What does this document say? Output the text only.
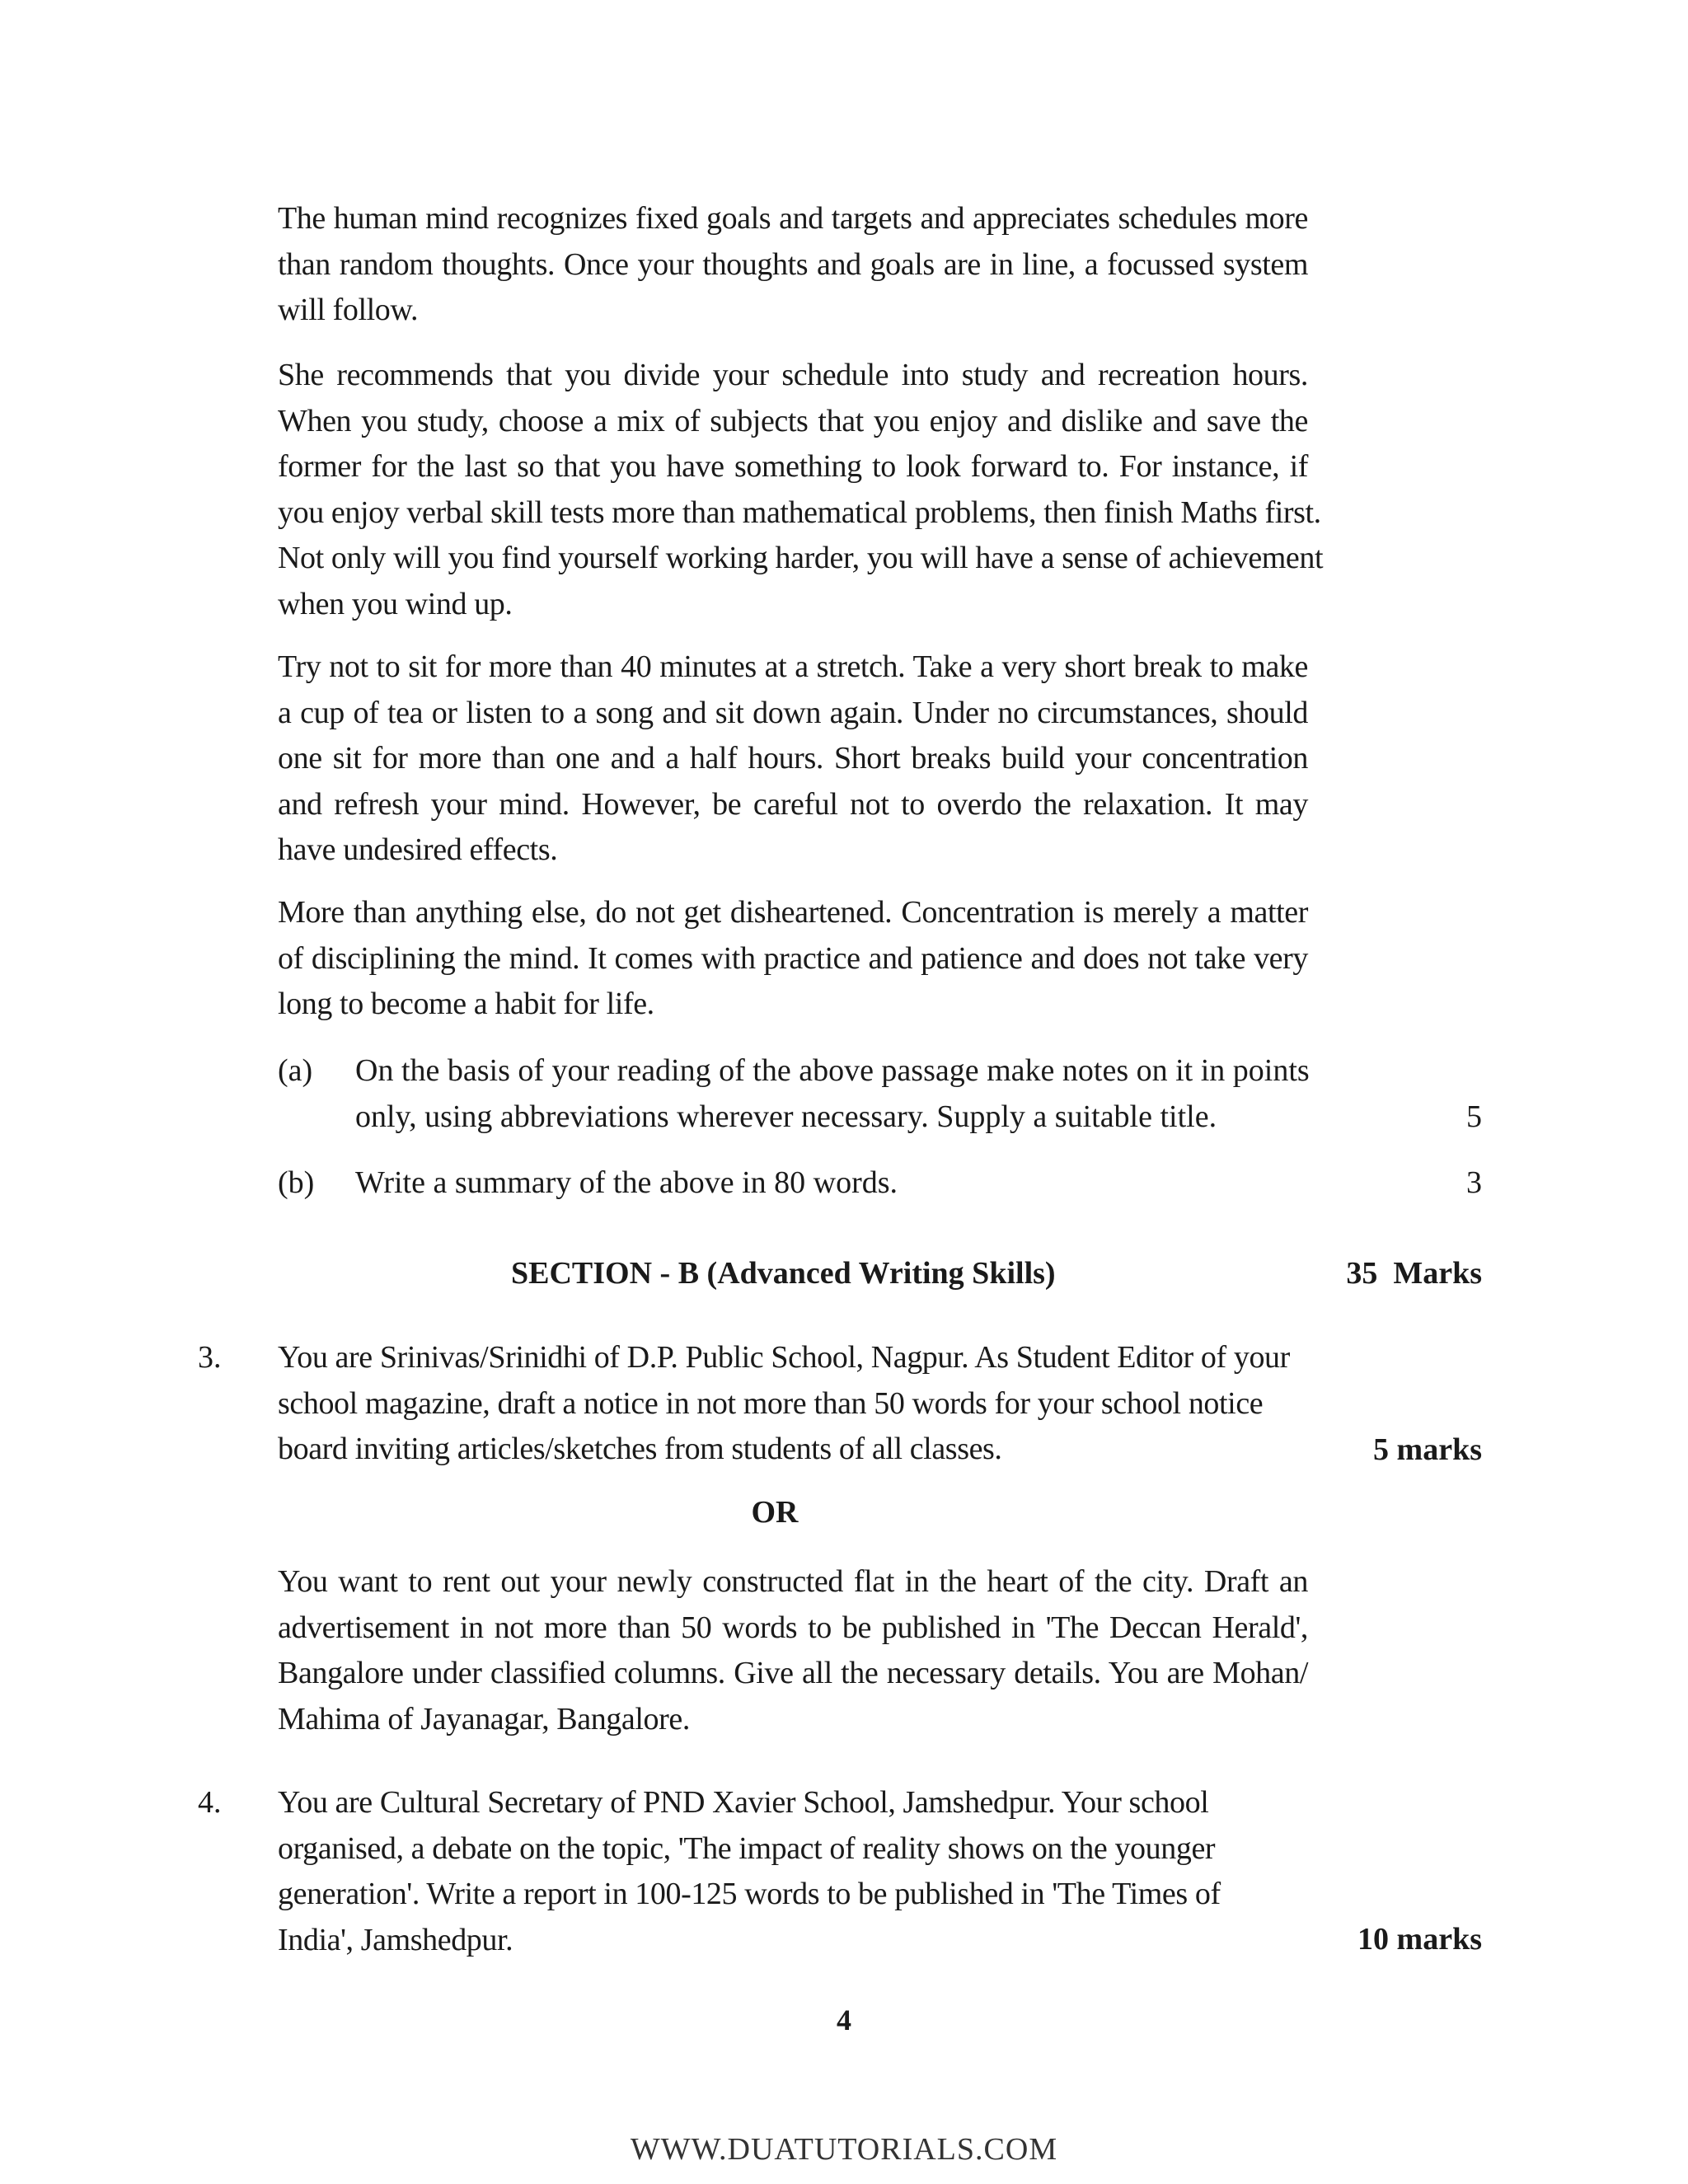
The human mind recognizes fixed goals and targets and appreciates schedules more
than random thoughts. Once your thoughts and goals are in line, a focussed system
will follow.
She recommends that you divide your schedule into study and recreation hours.
When you study, choose a mix of subjects that you enjoy and dislike and save the
former for the last so that you have something to look forward to. For instance, if
you enjoy verbal skill tests more than mathematical problems, then finish Maths first.
Not only will you find yourself working harder, you will have a sense of achievement
when you wind up.
Try not to sit for more than 40 minutes at a stretch. Take a very short break to make
a cup of tea or listen to a song and sit down again. Under no circumstances, should
one sit for more than one and a half hours. Short breaks build your concentration
and refresh your mind. However, be careful not to overdo the relaxation. It may
have undesired effects.
More than anything else, do not get disheartened. Concentration is merely a matter
of disciplining the mind. It comes with practice and patience and does not take very
long to become a habit for life.
(a) On the basis of your reading of the above passage make notes on it in points
only, using abbreviations wherever necessary. Supply a suitable title.	5
(b) Write a summary of the above in 80 words.	3
SECTION - B (Advanced Writing Skills)	35  Marks
3. You are Srinivas/Srinidhi of D.P. Public School, Nagpur. As Student Editor of your
school magazine, draft a notice in not more than 50 words for your school notice
board inviting articles/sketches from students of all classes.	5 marks
OR
You want to rent out your newly constructed flat in the heart of the city. Draft an
advertisement in not more than 50 words to be published in 'The Deccan Herald',
Bangalore under classified columns. Give all the necessary details. You are Mohan/
Mahima of Jayanagar, Bangalore.
4. You are Cultural Secretary of PND Xavier School, Jamshedpur. Your school
organised, a debate on the topic, 'The impact of reality shows on the younger
generation'. Write a report in 100-125 words to be published in 'The Times of
India', Jamshedpur.	10 marks
4
WWW.DUATUTORIALS.COM
